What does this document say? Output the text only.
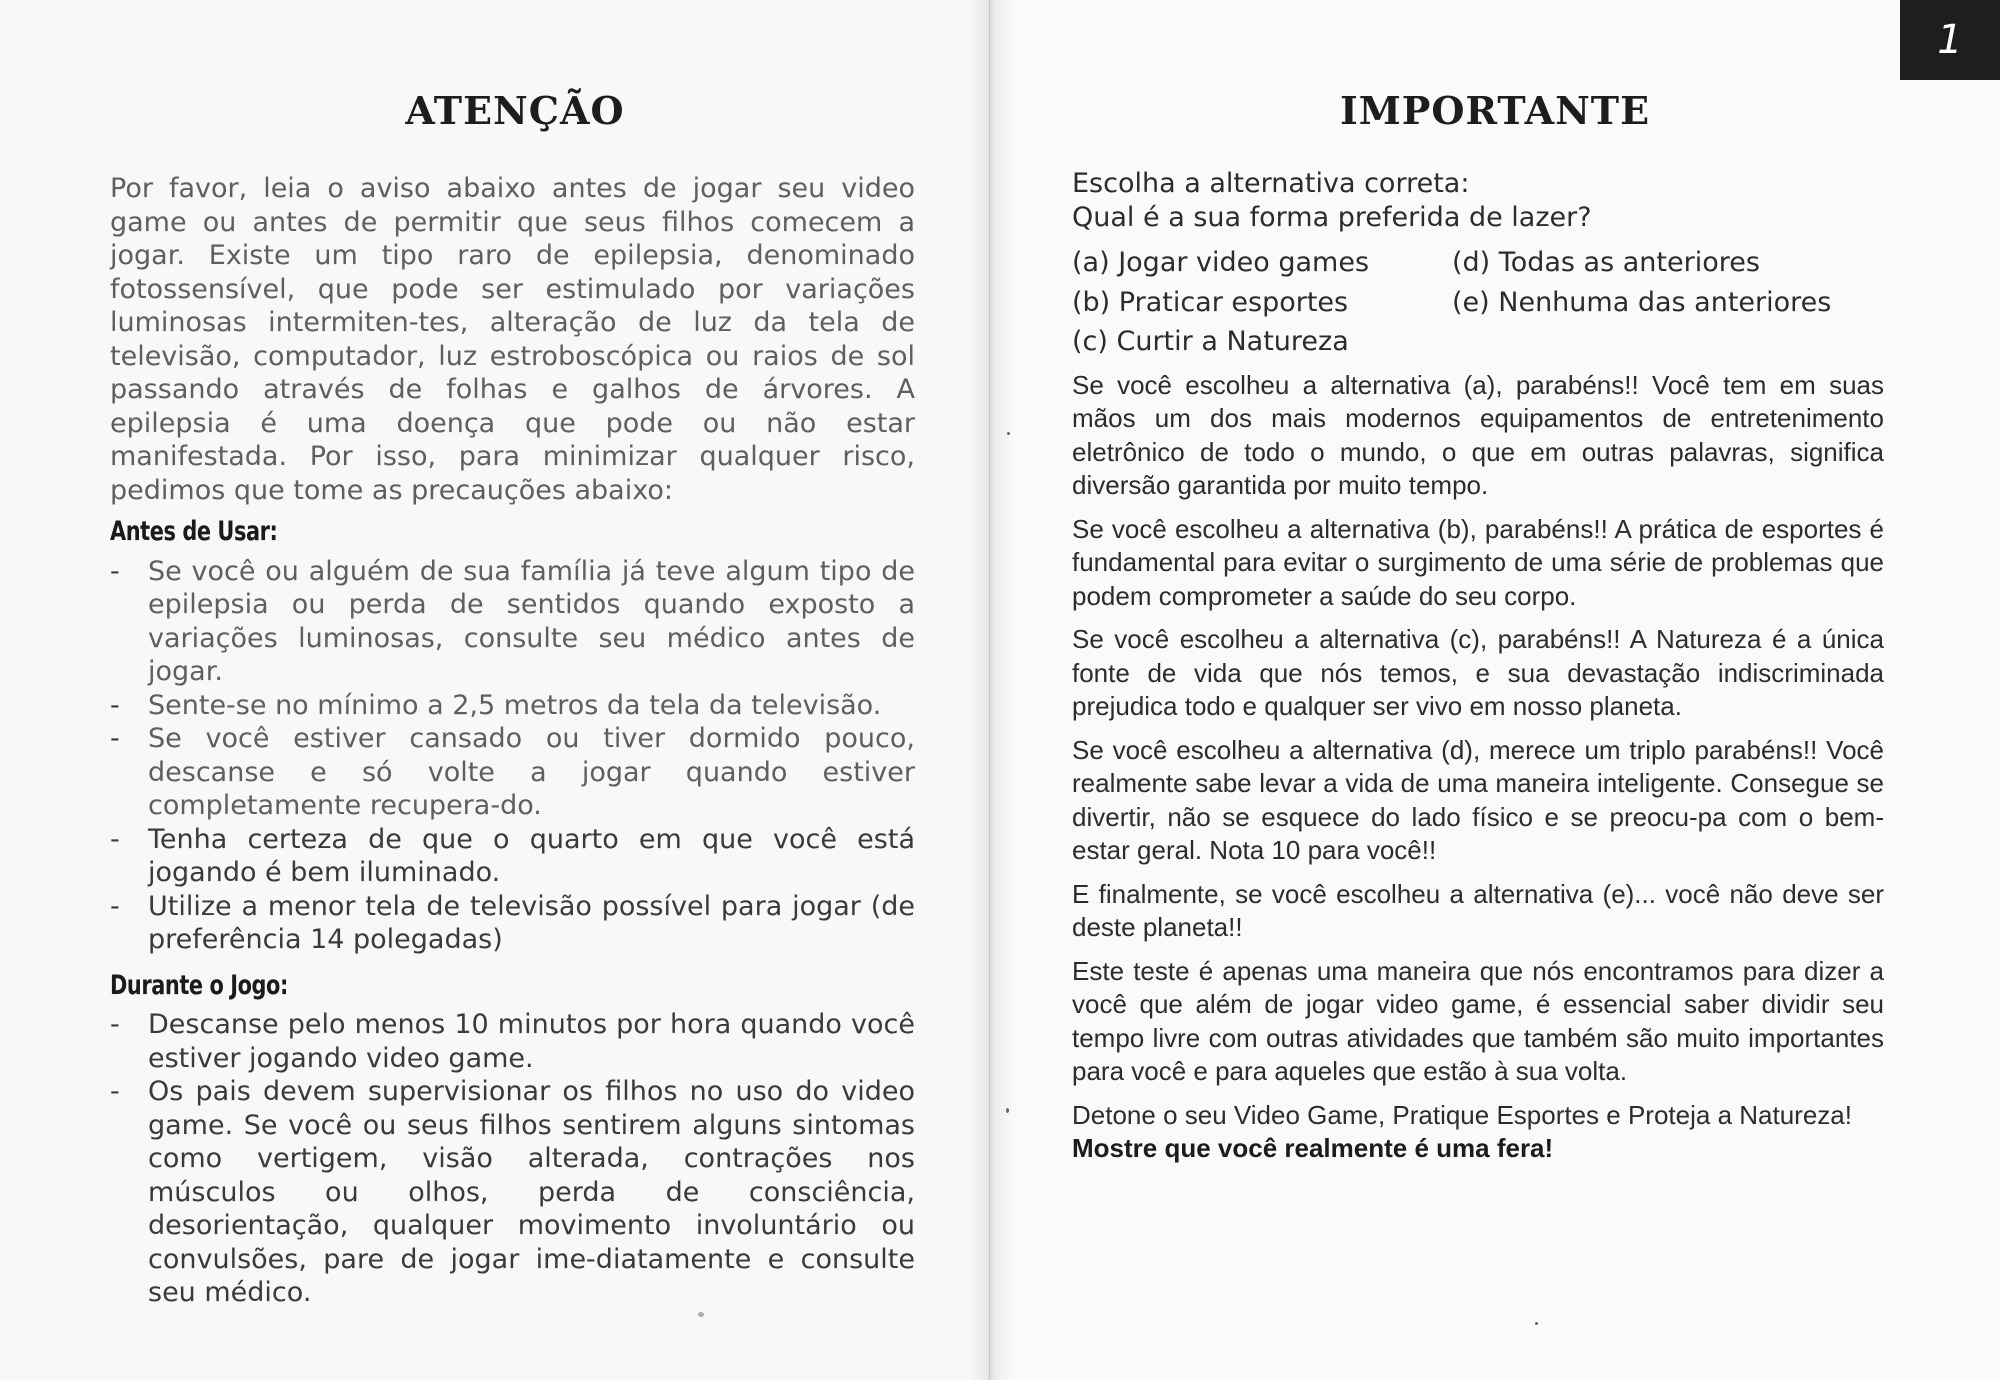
ATENÇÃO

Por favor, leia o aviso abaixo antes de jogar seu video game ou antes de permitir que seus filhos comecem a jogar. Existe um tipo raro de epilepsia, denominado fotossensível, que pode ser estimulado por variações luminosas intermiten-tes, alteração de luz da tela de televisão, computador, luz estroboscópica ou raios de sol passando através de folhas e galhos de árvores. A epilepsia é uma doença que pode ou não estar manifestada. Por isso, para minimizar qualquer risco, pedimos que tome as precauções abaixo:

Antes de Usar:
- Se você ou alguém de sua família já teve algum tipo de epilepsia ou perda de sentidos quando exposto a variações luminosas, consulte seu médico antes de jogar.
- Sente-se no mínimo a 2,5 metros da tela da televisão.
- Se você estiver cansado ou tiver dormido pouco, descanse e só volte a jogar quando estiver completamente recupera-do.
- Tenha certeza de que o quarto em que você está jogando é bem iluminado.
- Utilize a menor tela de televisão possível para jogar (de preferência 14 polegadas)
Durante o Jogo:
- Descanse pelo menos 10 minutos por hora quando você estiver jogando video game.
- Os pais devem supervisionar os filhos no uso do video game. Se você ou seus filhos sentirem alguns sintomas como vertigem, visão alterada, contrações nos músculos ou olhos, perda de consciência, desorientação, qualquer movimento involuntário ou convulsões, pare de jogar ime-diatamente e consulte seu médico.
1
IMPORTANTE

Escolha a alternativa correta:

Qual é a sua forma preferida de lazer?

(a) Jogar video games	(d) Todas as anteriores
(b) Praticar esportes	(e) Nenhuma das anteriores
(c) Curtir a Natureza

Se você escolheu a alternativa (a), parabéns!! Você tem em suas mãos um dos mais modernos equipamentos de entretenimento eletrônico de todo o mundo, o que em outras palavras, significa diversão garantida por muito tempo.

Se você escolheu a alternativa (b), parabéns!! A prática de esportes é fundamental para evitar o surgimento de uma série de problemas que podem comprometer a saúde do seu corpo.

Se você escolheu a alternativa (c), parabéns!! A Natureza é a única fonte de vida que nós temos, e sua devastação indiscriminada prejudica todo e qualquer ser vivo em nosso planeta.

Se você escolheu a alternativa (d), merece um triplo parabéns!! Você realmente sabe levar a vida de uma maneira inteligente. Consegue se divertir, não se esquece do lado físico e se preocu-pa com o bem-estar geral. Nota 10 para você!!

E finalmente, se você escolheu a alternativa (e)... você não deve ser deste planeta!!

Este teste é apenas uma maneira que nós encontramos para dizer a você que além de jogar video game, é essencial saber dividir seu tempo livre com outras atividades que também são muito importantes para você e para aqueles que estão à sua volta.

Detone o seu Video Game, Pratique Esportes e Proteja a Natureza!

Mostre que você realmente é uma fera!
